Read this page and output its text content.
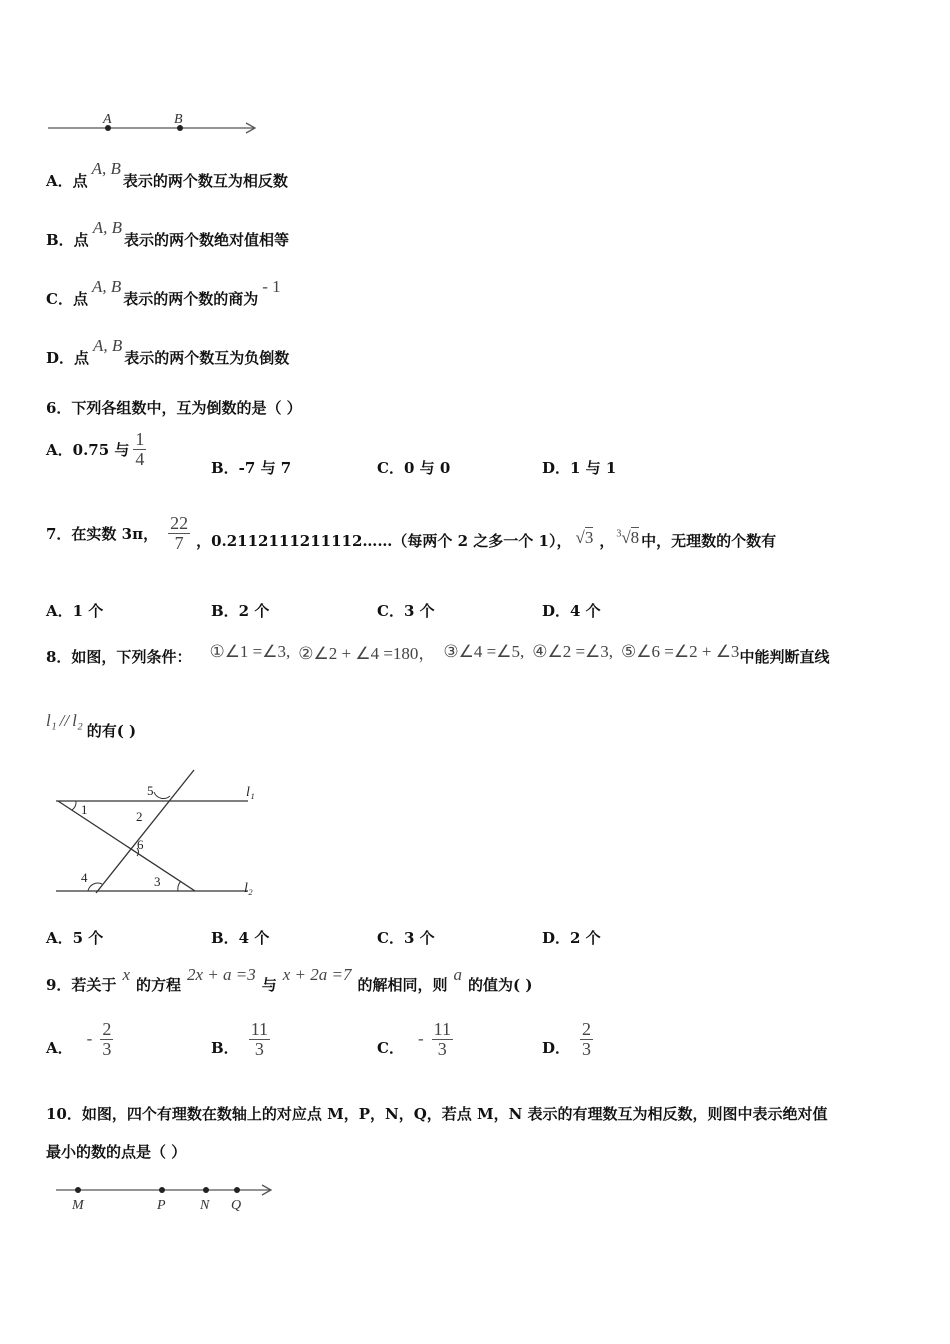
A	B
A．点
A, B
表示的两个数互为相反数
B．点
A, B
表示的两个数绝对值相等
C．点
A, B
表示的两个数的商为
- 1
D．点
A, B
表示的两个数互为负倒数
6．下列各组数中，互为倒数的是（ ）
A．0.75 与 $\frac{1}{4}$	B．-7 与 7	C．0 与 0	D．1 与 1
7．在实数 3π， $\frac{22}{7}$ ，0.2112111211112……（每两个 2 之多一个 1）， √3 ， $^3$√8 中，无理数的个数有
A．1 个	B．2 个	C．3 个	D．4 个
8．如图，下列条件： ①∠1 =∠3, ②∠2 + ∠4 =180， ③∠4 =∠5, ④∠2 =∠3, ⑤∠6 =∠2 + ∠3 中能判断直线
l₁ // l₂
的有( )
1	2
3
4
5
6
l₁
l₂
A．5 个	B．4 个	C．3 个	D．2 个
9．若关于
x
的方程
2x + a =3
与
x + 2a =7
的解相同，则
a
的值为( )
A． - $\frac{2}{3}$	B． $\frac{11}{3}$	C． - $\frac{11}{3}$	D． $\frac{2}{3}$
10．如图，四个有理数在数轴上的对应点 M，P，N，Q，若点 M，N 表示的有理数互为相反数，则图中表示绝对值
最小的数的点是（ ）
M	P N Q
